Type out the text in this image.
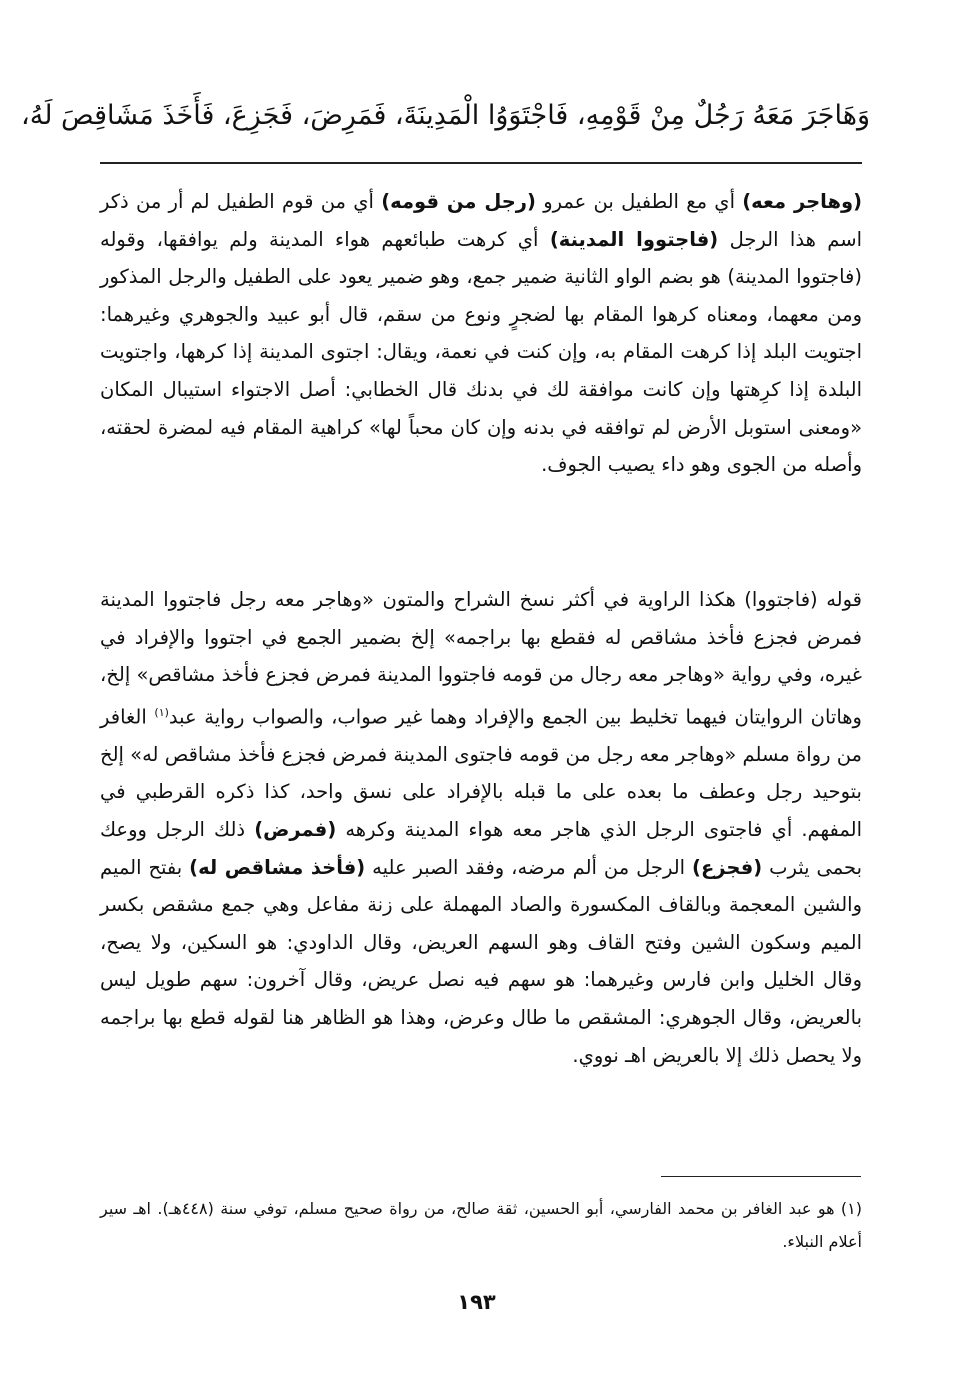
وَهَاجَرَ مَعَهُ رَجُلٌ مِنْ قَوْمِهِ، فَاجْتَوَوُا الْمَدِينَةَ، فَمَرِضَ، فَجَزِعَ، فَأَخَذَ مَشَاقِصَ لَهُ،

(وهاجر معه) أي مع الطفيل بن عمرو (رجل من قومه) أي من قوم الطفيل لم أر من ذكر اسم هذا الرجل (فاجتووا المدينة) أي كرهت طبائعهم هواء المدينة ولم يوافقها، وقوله (فاجتووا المدينة) هو بضم الواو الثانية ضمير جمع، وهو ضمير يعود على الطفيل والرجل المذكور ومن معهما، ومعناه كرهوا المقام بها لضجرٍ ونوع من سقم، قال أبو عبيد والجوهري وغيرهما: اجتويت البلد إذا كرهت المقام به، وإن كنت في نعمة، ويقال: اجتوى المدينة إذا كرهها، واجتويت البلدة إذا كرِهتها وإن كانت موافقة لك في بدنك قال الخطابي: أصل الاجتواء استيبال المكان «ومعنى استوبل الأرض لم توافقه في بدنه وإن كان محباً لها» كراهية المقام فيه لمضرة لحقته، وأصله من الجوى وهو داء يصيب الجوف.

قوله (فاجتووا) هكذا الراوية في أكثر نسخ الشراح والمتون «وهاجر معه رجل فاجتووا المدينة فمرض فجزع فأخذ مشاقص له فقطع بها براجمه» إلخ بضمير الجمع في اجتووا والإفراد في غيره، وفي رواية «وهاجر معه رجال من قومه فاجتووا المدينة فمرض فجزع فأخذ مشاقص» إلخ، وهاتان الروايتان فيهما تخليط بين الجمع والإفراد وهما غير صواب، والصواب رواية عبد$^{(١)}$ الغافر من رواة مسلم «وهاجر معه رجل من قومه فاجتوى المدينة فمرض فجزع فأخذ مشاقص له» إلخ بتوحيد رجل وعطف ما بعده على ما قبله بالإفراد على نسق واحد، كذا ذكره القرطبي في المفهم. أي فاجتوى الرجل الذي هاجر معه هواء المدينة وكرهه (فمرض) ذلك الرجل ووعك بحمى يثرب (فجزع) الرجل من ألم مرضه، وفقد الصبر عليه (فأخذ مشاقص له) بفتح الميم والشين المعجمة وبالقاف المكسورة والصاد المهملة على زنة مفاعل وهي جمع مشقص بكسر الميم وسكون الشين وفتح القاف وهو السهم العريض، وقال الداودي: هو السكين، ولا يصح، وقال الخليل وابن فارس وغيرهما: هو سهم فيه نصل عريض، وقال آخرون: سهم طويل ليس بالعريض، وقال الجوهري: المشقص ما طال وعرض، وهذا هو الظاهر هنا لقوله قطع بها براجمه ولا يحصل ذلك إلا بالعريض اهـ نووي.

(١) هو عبد الغافر بن محمد الفارسي، أبو الحسين، ثقة صالح، من رواة صحيح مسلم، توفي سنة (٤٤٨هـ). اهـ سير أعلام النبلاء.
١٩٣
